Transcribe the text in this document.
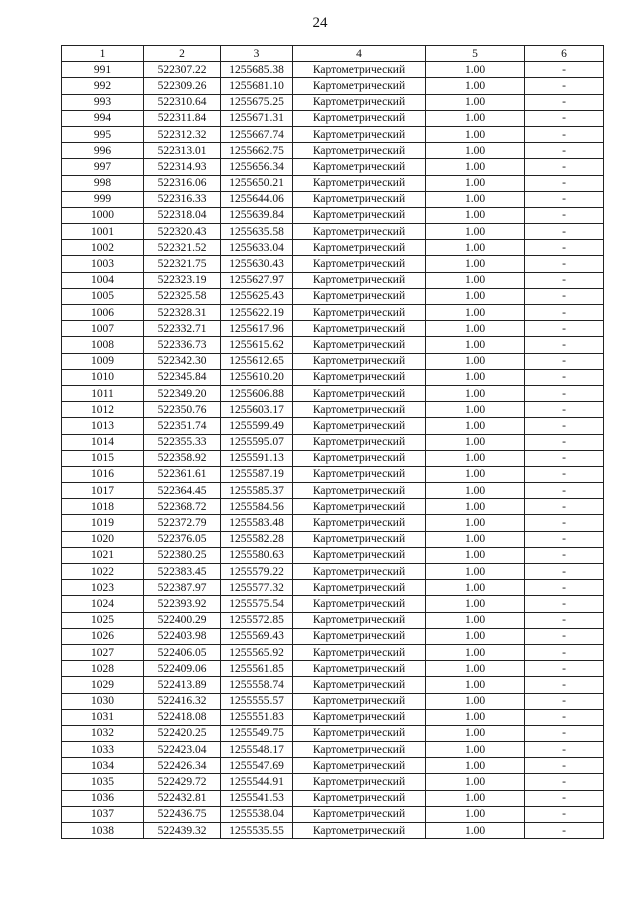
24
1	2	3	4	5	6
991	522307.22	1255685.38	Картометрический	1.00	-
992	522309.26	1255681.10	Картометрический	1.00	-
993	522310.64	1255675.25	Картометрический	1.00	-
994	522311.84	1255671.31	Картометрический	1.00	-
995	522312.32	1255667.74	Картометрический	1.00	-
996	522313.01	1255662.75	Картометрический	1.00	-
997	522314.93	1255656.34	Картометрический	1.00	-
998	522316.06	1255650.21	Картометрический	1.00	-
999	522316.33	1255644.06	Картометрический	1.00	-
1000	522318.04	1255639.84	Картометрический	1.00	-
1001	522320.43	1255635.58	Картометрический	1.00	-
1002	522321.52	1255633.04	Картометрический	1.00	-
1003	522321.75	1255630.43	Картометрический	1.00	-
1004	522323.19	1255627.97	Картометрический	1.00	-
1005	522325.58	1255625.43	Картометрический	1.00	-
1006	522328.31	1255622.19	Картометрический	1.00	-
1007	522332.71	1255617.96	Картометрический	1.00	-
1008	522336.73	1255615.62	Картометрический	1.00	-
1009	522342.30	1255612.65	Картометрический	1.00	-
1010	522345.84	1255610.20	Картометрический	1.00	-
1011	522349.20	1255606.88	Картометрический	1.00	-
1012	522350.76	1255603.17	Картометрический	1.00	-
1013	522351.74	1255599.49	Картометрический	1.00	-
1014	522355.33	1255595.07	Картометрический	1.00	-
1015	522358.92	1255591.13	Картометрический	1.00	-
1016	522361.61	1255587.19	Картометрический	1.00	-
1017	522364.45	1255585.37	Картометрический	1.00	-
1018	522368.72	1255584.56	Картометрический	1.00	-
1019	522372.79	1255583.48	Картометрический	1.00	-
1020	522376.05	1255582.28	Картометрический	1.00	-
1021	522380.25	1255580.63	Картометрический	1.00	-
1022	522383.45	1255579.22	Картометрический	1.00	-
1023	522387.97	1255577.32	Картометрический	1.00	-
1024	522393.92	1255575.54	Картометрический	1.00	-
1025	522400.29	1255572.85	Картометрический	1.00	-
1026	522403.98	1255569.43	Картометрический	1.00	-
1027	522406.05	1255565.92	Картометрический	1.00	-
1028	522409.06	1255561.85	Картометрический	1.00	-
1029	522413.89	1255558.74	Картометрический	1.00	-
1030	522416.32	1255555.57	Картометрический	1.00	-
1031	522418.08	1255551.83	Картометрический	1.00	-
1032	522420.25	1255549.75	Картометрический	1.00	-
1033	522423.04	1255548.17	Картометрический	1.00	-
1034	522426.34	1255547.69	Картометрический	1.00	-
1035	522429.72	1255544.91	Картометрический	1.00	-
1036	522432.81	1255541.53	Картометрический	1.00	-
1037	522436.75	1255538.04	Картометрический	1.00	-
1038	522439.32	1255535.55	Картометрический	1.00	-
